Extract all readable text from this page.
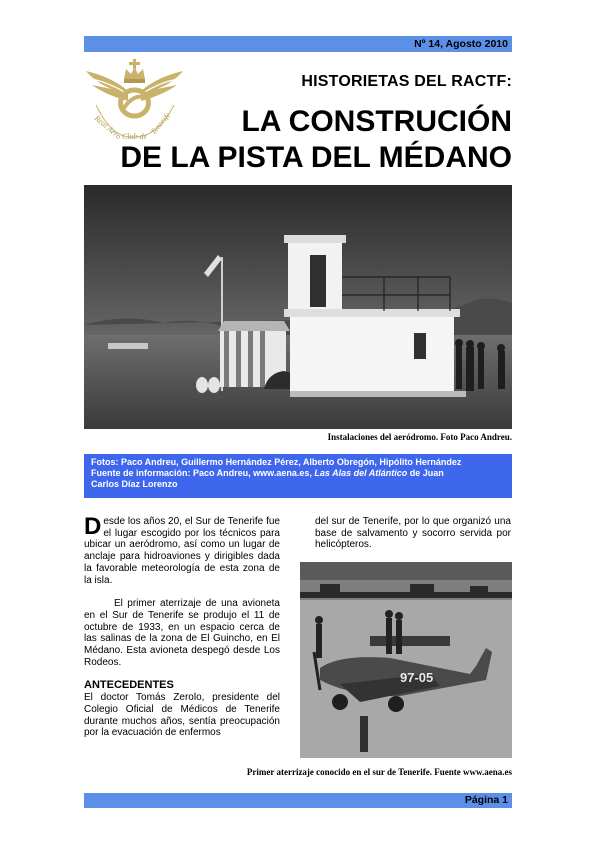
Nº 14, Agosto 2010
Real Aero Club de
Tenerife
HISTORIETAS DEL RACTF:
LA CONSTRUCIÓN
DE LA PISTA DEL MÉDANO
Instalaciones del aeródromo. Foto Paco Andreu.
Fotos: Paco Andreu, Guillermo Hernández Pérez, Alberto Obregón, Hipólito Hernández
Fuente de información: Paco Andreu, www.aena.es, Las Alas del Atlántico de Juan
Carlos Díaz Lorenzo

Desde los años 20, el Sur de Tenerife fue el lugar escogido por los técnicos para ubicar un aeródromo, así como un lugar de anclaje para hidroaviones y dirigibles dada la favorable meteorología de esta zona de la isla.

El primer aterrizaje de una avioneta en el Sur de Tenerife se produjo el 11 de octubre de 1933, en un espacio cerca de las salinas de la zona de El Guincho, en El Médano. Esta avioneta despegó desde Los Rodeos.

ANTECEDENTES

El doctor Tomás Zerolo, presidente del Colegio Oficial de Médicos de Tenerife durante muchos años, sentía preocupación por la evacuación de enfermos

del sur de Tenerife, por lo que organizó una base de salvamento y socorro servida por helicópteros.

97-05
Primer aterrizaje conocido en el sur de Tenerife. Fuente www.aena.es
Página 1
